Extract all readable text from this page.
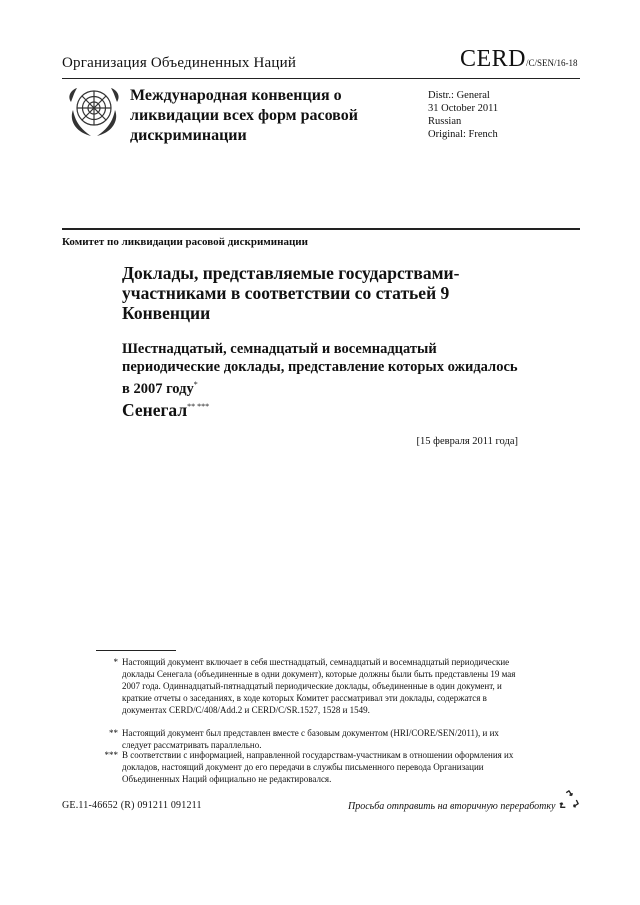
Организация Объединенных Наций	CERD/C/SEN/16-18
Международная конвенция о ликвидации всех форм расовой дискриминации
Distr.: General
31 October 2011
Russian
Original: French
Комитет по ликвидации расовой дискриминации
Доклады, представляемые государствами-участниками в соответствии со статьей 9 Конвенции
Шестнадцатый, семнадцатый и восемнадцатый периодические доклады, представление которых ожидалось в 2007 году*
Сенегал** ***
[15 февраля 2011 года]
* Настоящий документ включает в себя шестнадцатый, семнадцатый и восемнадцатый периодические доклады Сенегала (объединенные в одни документ), которые должны были быть представлены 19 мая 2007 года. Одиннадцатый-пятнадцатый периодические доклады, объединенные в один документ, и краткие отчеты о заседаниях, в ходе которых Комитет рассматривал эти доклады, содержатся в документах CERD/C/408/Add.2 и CERD/C/SR.1527, 1528 и 1549.
** Настоящий документ был представлен вместе с базовым документом (HRI/CORE/SEN/2011), и их следует рассматривать параллельно.
*** В соответствии с информацией, направленной государствам-участникам в отношении оформления их докладов, настоящий документ до его передачи в службы письменного перевода Организации Объединенных Наций официально не редактировался.
GE.11-46652 (R) 091211 091211	Просьба отправить на вторичную переработку
